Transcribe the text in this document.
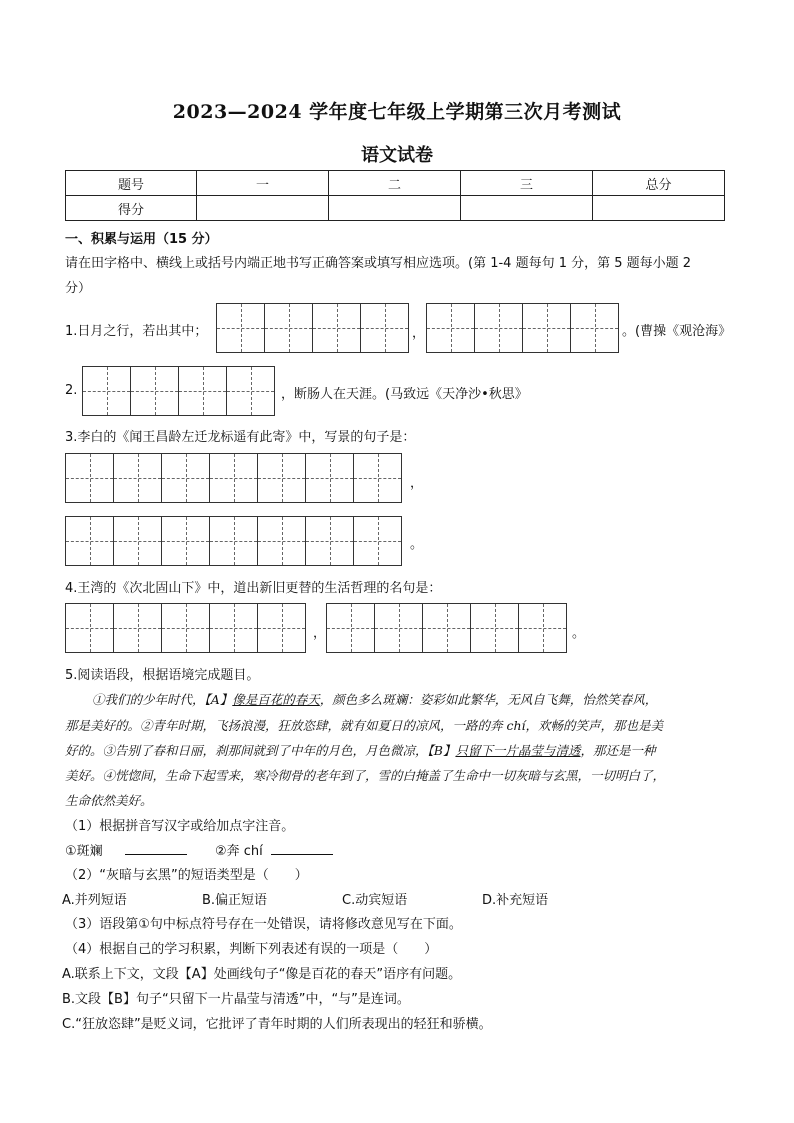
2023—2024 学年度七年级上学期第三次月考测试
语文试卷
题号	一	二	三	总分
得分				
一、积累与运用（15 分）
请在田字格中、横线上或括号内端正地书写正确答案或填写相应选项。(第 1-4 题每句 1 分，第 5 题每小题 2
分）
1.日月之行，若出其中；	，	。(曹操《观沧海》
2.	，断肠人在天涯。(马致远《天净沙•秋思》
3.李白的《闻王昌龄左迁龙标遥有此寄》中，写景的句子是：
，
。
4.王湾的《次北固山下》中，道出新旧更替的生活哲理的名句是：
，	。
5.阅读语段，根据语境完成题目。
①我们的少年时代，【A】像是百花的春天，颜色多么斑斓：姿彩如此繁华，无风自飞舞，怡然笑春风，
那是美好的。②青年时期，飞扬浪漫，狂放恣肆，就有如夏日的凉风，一路的奔 chí，欢畅的笑声，那也是美
好的。③告别了春和日丽，刹那间就到了中年的月色，月色微凉，【B】只留下一片晶莹与清透，那还是一种
美好。④恍惚间，生命下起雪来，寒冷彻骨的老年到了，雪的白掩盖了生命中一切灰暗与玄黑，一切明白了，
生命依然美好。
（1）根据拼音写汉字或给加点字注音。
①斑斓	②奔 chí
（2）“灰暗与玄黑”的短语类型是（　　）
A.并列短语	B.偏正短语	C.动宾短语	D.补充短语
（3）语段第①句中标点符号存在一处错误，请将修改意见写在下面。
（4）根据自己的学习积累，判断下列表述有误的一项是（　　）
A.联系上下文，文段【A】处画线句子“像是百花的春天”语序有问题。
B.文段【B】句子“只留下一片晶莹与清透”中，“与”是连词。
C.“狂放恣肆”是贬义词，它批评了青年时期的人们所表现出的轻狂和骄横。
